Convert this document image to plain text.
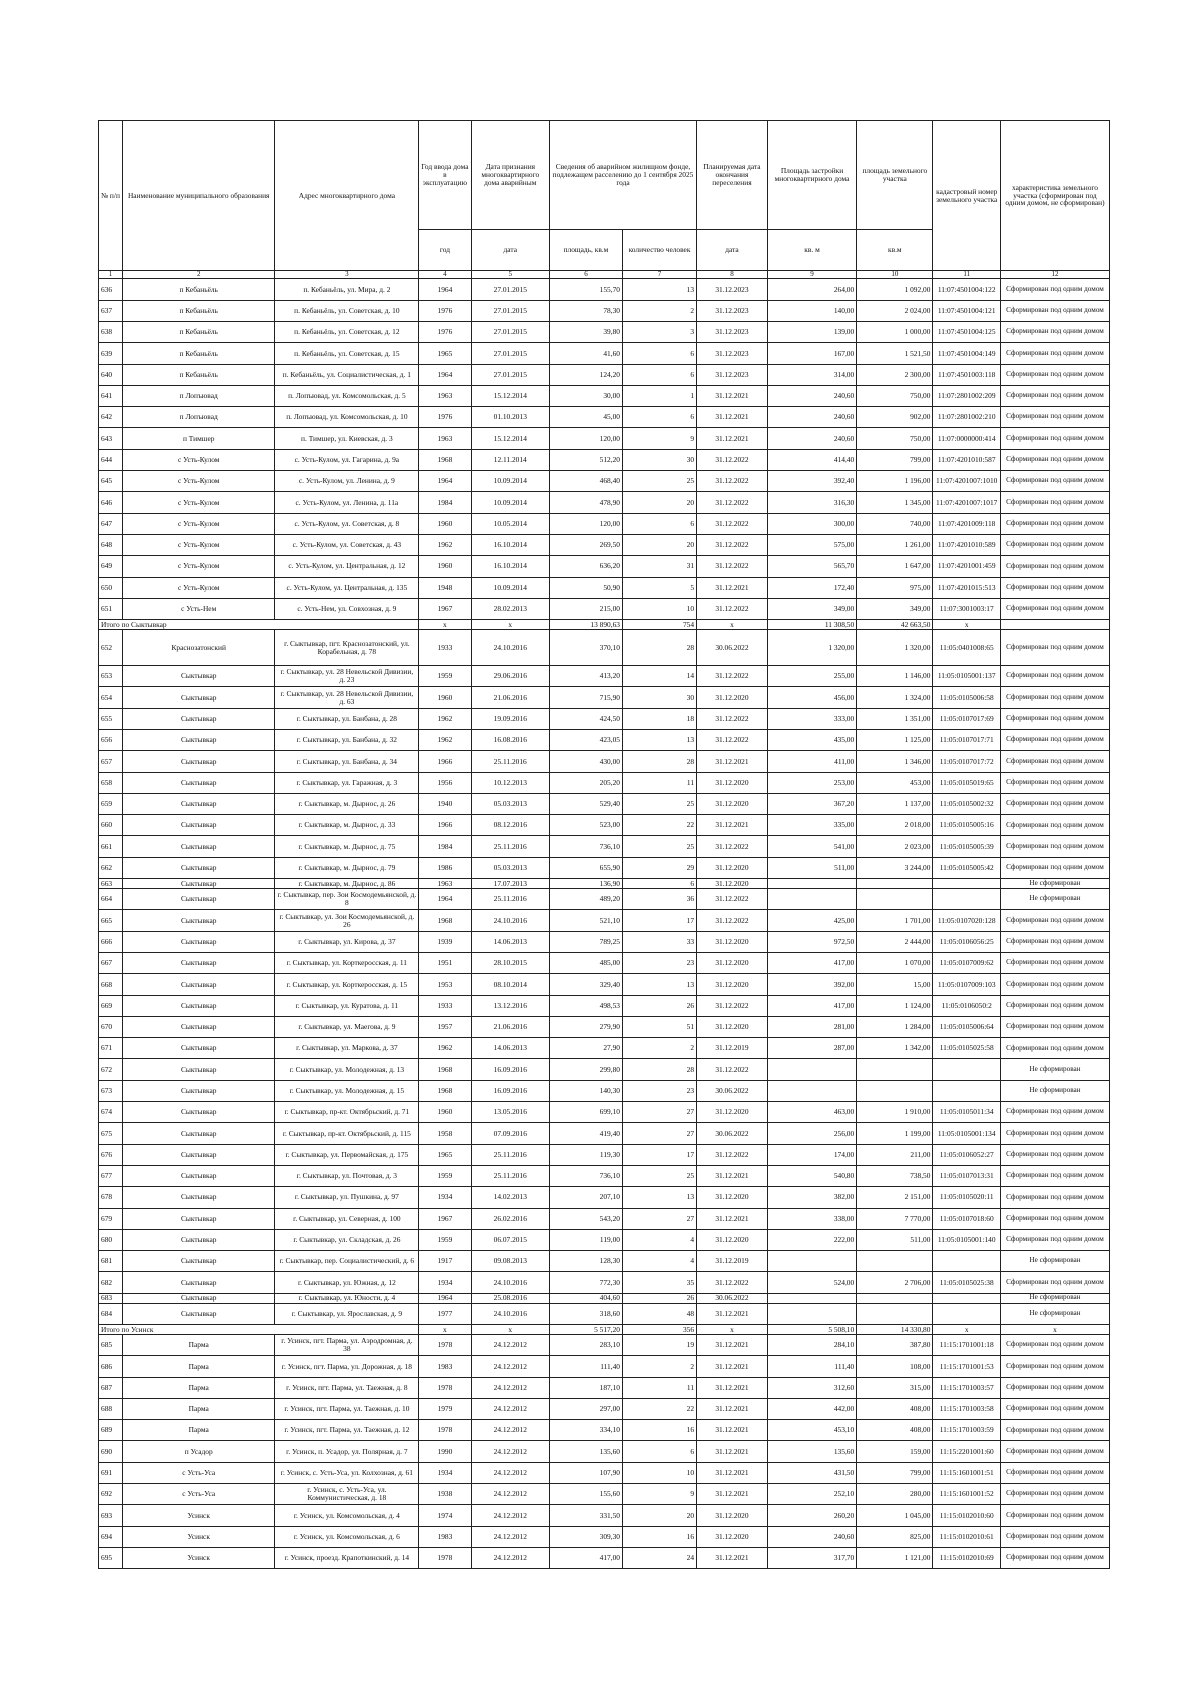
№ п/п	Наименование муниципального образования	Адрес многоквартирного дома	Год ввода дома в эксплуатацию	Дата признания многоквартирного дома аварийным	Сведения об аварийном жилищном фонде, подлежащем расселению до 1 сентября 2025 года		Планируемая дата окончания переселения	Площадь застройки многоквартирного дома	площадь земельного участка	кадастровый номер земельного участка	характеристика земельного участка (сформирован под одним домом, не сформирован)
			год	дата	площадь, кв.м	количество человек	дата	кв. м	кв.м		
1	2	3	4	5	6	7	8	9	10	11	12
636	п Кебаньёль	п. Кебаньёль, ул. Мира, д. 2	1964	27.01.2015	155,70	13	31.12.2023	264,00	1 092,00	11:07:4501004:122	Сформирован под одним домом
637	п Кебаньёль	п. Кебаньёль, ул. Советская, д. 10	1976	27.01.2015	78,30	2	31.12.2023	140,00	2 024,00	11:07:4501004:121	Сформирован под одним домом
638	п Кебаньёль	п. Кебаньёль, ул. Советская, д. 12	1976	27.01.2015	39,80	3	31.12.2023	139,00	1 000,00	11:07:4501004:125	Сформирован под одним домом
639	п Кебаньёль	п. Кебаньёль, ул. Советская, д. 15	1965	27.01.2015	41,60	6	31.12.2023	167,00	1 521,50	11:07:4501004:149	Сформирован под одним домом
640	п Кебаньёль	п. Кебаньёль, ул. Социалистическая, д. 1	1964	27.01.2015	124,20	6	31.12.2023	314,00	2 300,00	11:07:4501003:118	Сформирован под одним домом
641	п Лопъювад	п. Лопъювад, ул. Комсомольская, д. 5	1963	15.12.2014	30,00	1	31.12.2021	240,60	750,00	11:07:2801002:209	Сформирован под одним домом
642	п Лопъювад	п. Лопъювад, ул. Комсомольская, д. 10	1976	01.10.2013	45,00	6	31.12.2021	240,60	902,00	11:07:2801002:210	Сформирован под одним домом
643	п Тимшер	п. Тимшер, ул. Киевская, д. 3	1963	15.12.2014	120,00	9	31.12.2021	240,60	750,00	11:07:0000000:414	Сформирован под одним домом
644	с Усть-Кулом	с. Усть-Кулом, ул. Гагарина, д. 9а	1968	12.11.2014	512,20	30	31.12.2022	414,40	799,00	11:07:4201010:587	Сформирован под одним домом
645	с Усть-Кулом	с. Усть-Кулом, ул. Ленина, д. 9	1964	10.09.2014	468,40	25	31.12.2022	392,40	1 196,00	11:07:4201007:1010	Сформирован под одним домом
646	с Усть-Кулом	с. Усть-Кулом, ул. Ленина, д. 11а	1984	10.09.2014	478,90	20	31.12.2022	316,30	1 345,00	11:07:4201007:1017	Сформирован под одним домом
647	с Усть-Кулом	с. Усть-Кулом, ул. Советская, д. 8	1960	10.05.2014	120,00	6	31.12.2022	300,00	740,00	11:07:4201009:118	Сформирован под одним домом
648	с Усть-Кулом	с. Усть-Кулом, ул. Советская, д. 43	1962	16.10.2014	269,50	20	31.12.2022	575,00	1 261,00	11:07:4201010:589	Сформирован под одним домом
649	с Усть-Кулом	с. Усть-Кулом, ул. Центральная, д. 12	1960	16.10.2014	636,20	31	31.12.2022	565,70	1 647,00	11:07:4201001:459	Сформирован под одним домом
650	с Усть-Кулом	с. Усть-Кулом, ул. Центральная, д. 135	1948	10.09.2014	50,90	5	31.12.2021	172,40	975,00	11:07:4201015:513	Сформирован под одним домом
651	с Усть-Нем	с. Усть-Нем, ул. Совхозная, д. 9	1967	28.02.2013	215,00	10	31.12.2022	349,00	349,00	11:07:3001003:17	Сформирован под одним домом
Итого по Сыктывкар			х	х	13 890,63	754	х	11 308,50	42 663,50	х	
652	Краснозатонский	г. Сыктывкар, пгт. Краснозатонский, ул. Корабельная, д. 78	1933	24.10.2016	370,10	28	30.06.2022	1 320,00	1 320,00	11:05:0401008:65	Сформирован под одним домом
653	Сыктывкар	г. Сыктывкар, ул. 28 Невельской Дивизии, д. 23	1959	29.06.2016	413,20	14	31.12.2022	255,00	1 146,00	11:05:0105001:137	Сформирован под одним домом
654	Сыктывкар	г. Сыктывкар, ул. 28 Невельской Дивизии, д. 63	1960	21.06.2016	715,90	30	31.12.2020	456,00	1 324,00	11:05:0105006:58	Сформирован под одним домом
655	Сыктывкар	г. Сыктывкар, ул. Банбана, д. 28	1962	19.09.2016	424,50	18	31.12.2022	333,00	1 351,00	11:05:0107017:69	Сформирован под одним домом
656	Сыктывкар	г. Сыктывкар, ул. Банбана, д. 32	1962	16.08.2016	423,05	13	31.12.2022	435,00	1 125,00	11:05:0107017:71	Сформирован под одним домом
657	Сыктывкар	г. Сыктывкар, ул. Банбана, д. 34	1966	25.11.2016	430,00	28	31.12.2021	411,00	1 346,00	11:05:0107017:72	Сформирован под одним домом
658	Сыктывкар	г. Сыктывкар, ул. Гаражная, д. 3	1956	10.12.2013	205,20	11	31.12.2020	253,00	453,00	11:05:0105019:65	Сформирован под одним домом
659	Сыктывкар	г. Сыктывкар, м. Дырнос, д. 26	1940	05.03.2013	529,40	25	31.12.2020	367,20	1 137,00	11:05:0105002:32	Сформирован под одним домом
660	Сыктывкар	г. Сыктывкар, м. Дырнос, д. 33	1966	08.12.2016	523,00	22	31.12.2021	335,00	2 018,00	11:05:0105005:16	Сформирован под одним домом
661	Сыктывкар	г. Сыктывкар, м. Дырнос, д. 75	1984	25.11.2016	736,10	25	31.12.2022	541,00	2 023,00	11:05:0105005:39	Сформирован под одним домом
662	Сыктывкар	г. Сыктывкар, м. Дырнос, д. 79	1986	05.03.2013	655,90	29	31.12.2020	511,00	3 244,00	11:05:0105005:42	Сформирован под одним домом
663	Сыктывкар	г. Сыктывкар, м. Дырнос, д. 86	1963	17.07.2013	136,90	6	31.12.2020				Не сформирован
664	Сыктывкар	г. Сыктывкар, пер. Зои Космодемьянской, д. 8	1964	25.11.2016	489,20	36	31.12.2022				Не сформирован
665	Сыктывкар	г. Сыктывкар, ул. Зои Космодемьянской, д. 26	1968	24.10.2016	521,10	17	31.12.2022	425,00	1 701,00	11:05:0107020:128	Сформирован под одним домом
666	Сыктывкар	г. Сыктывкар, ул. Кирова, д. 37	1939	14.06.2013	789,25	33	31.12.2020	972,50	2 444,00	11:05:0106056:25	Сформирован под одним домом
667	Сыктывкар	г. Сыктывкар, ул. Корткеросская, д. 11	1951	28.10.2015	485,00	23	31.12.2020	417,00	1 070,00	11:05:0107009:62	Сформирован под одним домом
668	Сыктывкар	г. Сыктывкар, ул. Корткеросская, д. 15	1953	08.10.2014	329,40	13	31.12.2020	392,00	15,00	11:05:0107009:103	Сформирован под одним домом
669	Сыктывкар	г. Сыктывкар, ул. Куратова, д. 11	1933	13.12.2016	498,53	26	31.12.2022	417,00	1 124,00	11:05:0106050:2	Сформирован под одним домом
670	Сыктывкар	г. Сыктывкар, ул. Маегова, д. 9	1957	21.06.2016	279,90	51	31.12.2020	281,00	1 284,00	11:05:0105006:64	Сформирован под одним домом
671	Сыктывкар	г. Сыктывкар, ул. Маркова, д. 37	1962	14.06.2013	27,90	2	31.12.2019	287,00	1 342,00	11:05:0105025:58	Сформирован под одним домом
672	Сыктывкар	г. Сыктывкар, ул. Молодежная, д. 13	1968	16.09.2016	299,80	28	31.12.2022				Не сформирован
673	Сыктывкар	г. Сыктывкар, ул. Молодежная, д. 15	1968	16.09.2016	140,30	23	30.06.2022				Не сформирован
674	Сыктывкар	г. Сыктывкар, пр-кт. Октябрьский, д. 71	1960	13.05.2016	699,10	27	31.12.2020	463,00	1 910,00	11:05:0105011:34	Сформирован под одним домом
675	Сыктывкар	г. Сыктывкар, пр-кт. Октябрьский, д. 115	1958	07.09.2016	419,40	27	30.06.2022	256,00	1 199,00	11:05:0105001:134	Сформирован под одним домом
676	Сыктывкар	г. Сыктывкар, ул. Первомайская, д. 175	1965	25.11.2016	119,30	17	31.12.2022	174,00	211,00	11:05:0106052:27	Сформирован под одним домом
677	Сыктывкар	г. Сыктывкар, ул. Почтовая, д. 3	1959	25.11.2016	736,10	25	31.12.2021	540,80	738,50	11:05:0107013:31	Сформирован под одним домом
678	Сыктывкар	г. Сыктывкар, ул. Пушкина, д. 97	1934	14.02.2013	207,10	13	31.12.2020	382,00	2 151,00	11:05:0105020:11	Сформирован под одним домом
679	Сыктывкар	г. Сыктывкар, ул. Северная, д. 100	1967	26.02.2016	543,20	27	31.12.2021	338,00	7 770,00	11:05:0107018:60	Сформирован под одним домом
680	Сыктывкар	г. Сыктывкар, ул. Складская, д. 26	1959	06.07.2015	119,00	4	31.12.2020	222,00	511,00	11:05:0105001:140	Сформирован под одним домом
681	Сыктывкар	г. Сыктывкар, пер. Социалистический, д. 6	1917	09.08.2013	128,30	4	31.12.2019				Не сформирован
682	Сыктывкар	г. Сыктывкар, ул. Южная, д. 12	1934	24.10.2016	772,30	35	31.12.2022	524,00	2 706,00	11:05:0105025:38	Сформирован под одним домом
683	Сыктывкар	г. Сыктывкар, ул. Юности, д. 4	1964	25.08.2016	404,60	26	30.06.2022				Не сформирован
684	Сыктывкар	г. Сыктывкар, ул. Ярославская, д. 9	1977	24.10.2016	318,60	48	31.12.2021				Не сформирован
Итого по Усинск			х	х	5 517,20	356	х	5 508,10	14 330,80	х	х
685	Парма	г. Усинск, пгт. Парма, ул. Аэродромная, д. 38	1978	24.12.2012	283,10	19	31.12.2021	284,10	387,80	11:15:1701001:18	Сформирован под одним домом
686	Парма	г. Усинск, пгт. Парма, ул. Дорожная, д. 18	1983	24.12.2012	111,40	2	31.12.2021	111,40	108,00	11:15:1701001:53	Сформирован под одним домом
687	Парма	г. Усинск, пгт. Парма, ул. Таежная, д. 8	1978	24.12.2012	187,10	11	31.12.2021	312,60	315,00	11:15:1701003:57	Сформирован под одним домом
688	Парма	г. Усинск, пгт. Парма, ул. Таежная, д. 10	1979	24.12.2012	297,00	22	31.12.2021	442,00	408,00	11:15:1701003:58	Сформирован под одним домом
689	Парма	г. Усинск, пгт. Парма, ул. Таежная, д. 12	1978	24.12.2012	334,10	16	31.12.2021	453,10	408,00	11:15:1701003:59	Сформирован под одним домом
690	п Усадор	г. Усинск, п. Усадор, ул. Полярная, д. 7	1990	24.12.2012	135,60	6	31.12.2021	135,60	159,00	11:15:2201001:60	Сформирован под одним домом
691	с Усть-Уса	г. Усинск, с. Усть-Уса, ул. Колхозная, д. 61	1934	24.12.2012	107,90	10	31.12.2021	431,50	799,00	11:15:1601001:51	Сформирован под одним домом
692	с Усть-Уса	г. Усинск, с. Усть-Уса, ул. Коммунистическая, д. 18	1938	24.12.2012	155,60	9	31.12.2021	252,10	280,00	11:15:1601001:52	Сформирован под одним домом
693	Усинск	г. Усинск, ул. Комсомольская, д. 4	1974	24.12.2012	331,50	20	31.12.2020	260,20	1 045,00	11:15:0102010:60	Сформирован под одним домом
694	Усинск	г. Усинск, ул. Комсомольская, д. 6	1983	24.12.2012	309,30	16	31.12.2020	240,60	825,00	11:15:0102010:61	Сформирован под одним домом
695	Усинск	г. Усинск, проезд. Крапоткинский, д. 14	1978	24.12.2012	417,00	24	31.12.2021	317,70	1 121,00	11:15:0102010:69	Сформирован под одним домом
